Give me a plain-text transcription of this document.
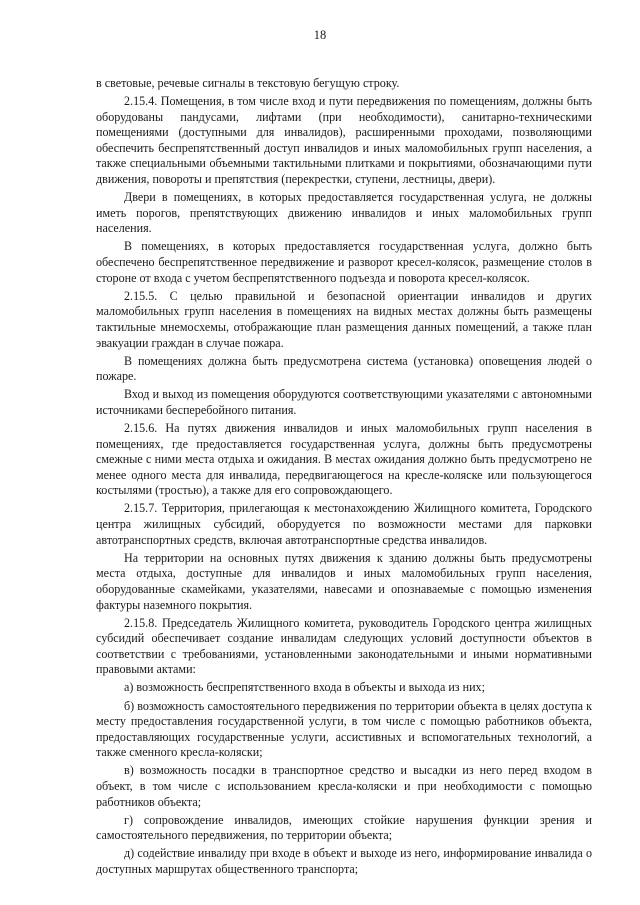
18

в световые, речевые сигналы в текстовую бегущую строку.

2.15.4. Помещения, в том числе вход и пути передвижения по помещениям, должны быть оборудованы пандусами, лифтами (при необходимости), санитарно-техническими помещениями (доступными для инвалидов), расширенными проходами, позволяющими обеспечить беспрепятственный доступ инвалидов и иных маломобильных групп населения, а также специальными объемными тактильными плитками и покрытиями, обозначающими пути движения, повороты и препятствия (перекрестки, ступени, лестницы, двери).

Двери в помещениях, в которых предоставляется государственная услуга, не должны иметь порогов, препятствующих движению инвалидов и иных маломобильных групп населения.

В помещениях, в которых предоставляется государственная услуга, должно быть обеспечено беспрепятственное передвижение и разворот кресел-колясок, размещение столов в стороне от входа с учетом беспрепятственного подъезда и поворота кресел-колясок.

2.15.5. С целью правильной и безопасной ориентации инвалидов и других маломобильных групп населения в помещениях на видных местах должны быть размещены тактильные мнемосхемы, отображающие план размещения данных помещений, а также план эвакуации граждан в случае пожара.

В помещениях должна быть предусмотрена система (установка) оповещения людей о пожаре.

Вход и выход из помещения оборудуются соответствующими указателями с автономными источниками бесперебойного питания.

2.15.6. На путях движения инвалидов и иных маломобильных групп населения в помещениях, где предоставляется государственная услуга, должны быть предусмотрены смежные с ними места отдыха и ожидания. В местах ожидания должно быть предусмотрено не менее одного места для инвалида, передвигающегося на кресле-коляске или пользующегося костылями (тростью), а также для его сопровождающего.

2.15.7. Территория, прилегающая к местонахождению Жилищного комитета, Городского центра жилищных субсидий, оборудуется по возможности местами для парковки автотранспортных средств, включая автотранспортные средства инвалидов.

На территории на основных путях движения к зданию должны быть предусмотрены места отдыха, доступные для инвалидов и иных маломобильных групп населения, оборудованные скамейками, указателями, навесами и опознаваемые с помощью изменения фактуры наземного покрытия.

2.15.8. Председатель Жилищного комитета, руководитель Городского центра жилищных субсидий обеспечивает создание инвалидам следующих условий доступности объектов в соответствии с требованиями, установленными законодательными и иными нормативными правовыми актами:

а) возможность беспрепятственного входа в объекты и выхода из них;

б) возможность самостоятельного передвижения по территории объекта в целях доступа к месту предоставления государственной услуги, в том числе с помощью работников объекта, предоставляющих государственные услуги, ассистивных и вспомогательных технологий, а также сменного кресла-коляски;

в) возможность посадки в транспортное средство и высадки из него перед входом в объект, в том числе с использованием кресла-коляски и при необходимости с помощью работников объекта;

г) сопровождение инвалидов, имеющих стойкие нарушения функции зрения и самостоятельного передвижения, по территории объекта;

д) содействие инвалиду при входе в объект и выходе из него, информирование инвалида о доступных маршрутах общественного транспорта;
